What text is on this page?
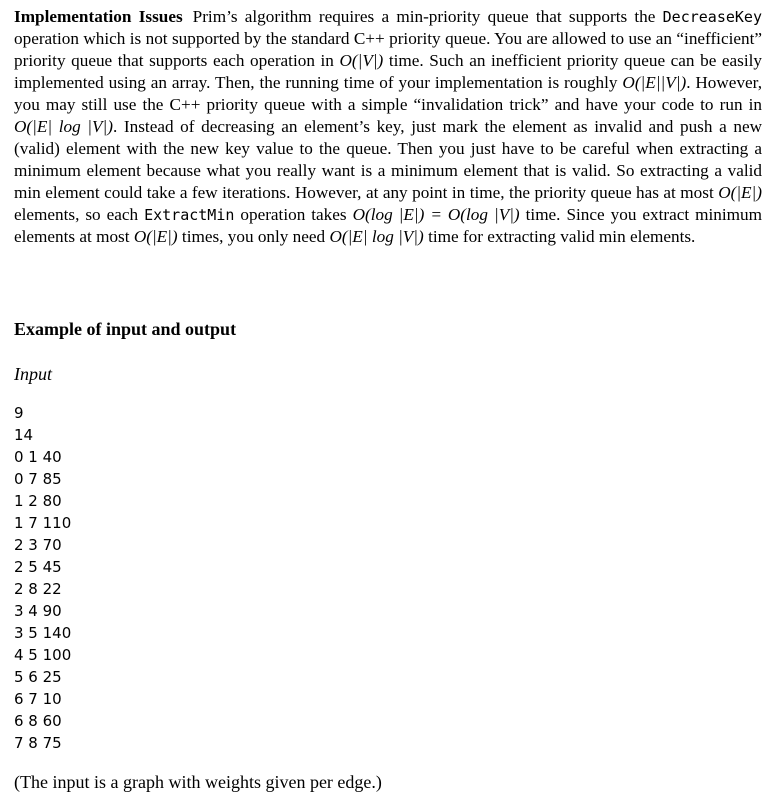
Implementation Issues Prim’s algorithm requires a min-priority queue that supports the DecreaseKey operation which is not supported by the standard C++ priority queue. You are allowed to use an “inefficient” priority queue that supports each operation in O(|V|) time. Such an inefficient priority queue can be easily implemented using an array. Then, the running time of your implementation is roughly O(|E||V|). However, you may still use the C++ priority queue with a simple “invalidation trick” and have your code to run in O(|E| log |V|). Instead of decreasing an element’s key, just mark the element as invalid and push a new (valid) element with the new key value to the queue. Then you just have to be careful when extracting a minimum element because what you really want is a minimum element that is valid. So extracting a valid min element could take a few iterations. However, at any point in time, the priority queue has at most O(|E|) elements, so each ExtractMin operation takes O(log |E|) = O(log |V|) time. Since you extract minimum elements at most O(|E|) times, you only need O(|E| log |V|) time for extracting valid min elements.

Example of input and output
Input
9
14
0 1 40
0 7 85
1 2 80
1 7 110
2 3 70
2 5 45
2 8 22
3 4 90
3 5 140
4 5 100
5 6 25
6 7 10
6 8 60
7 8 75
(The input is a graph with weights given per edge.)
